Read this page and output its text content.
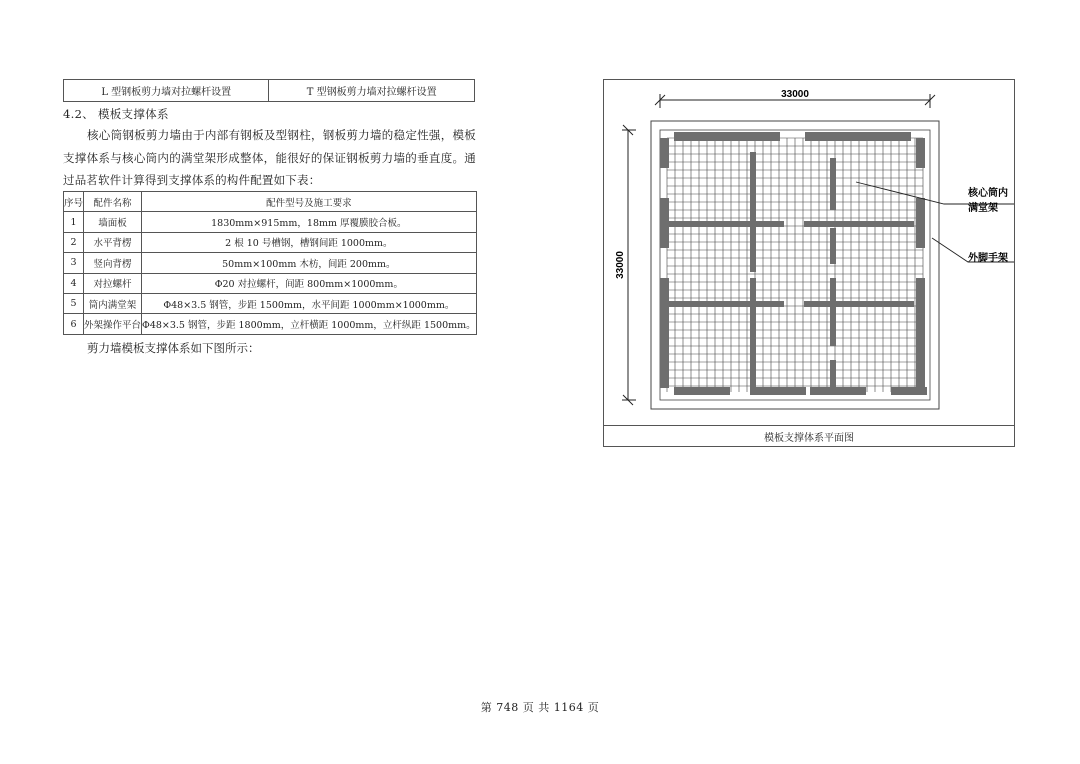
L 型钢板剪力墙对拉螺杆设置	T 型钢板剪力墙对拉螺杆设置
4.2、 模板支撑体系
核心筒钢板剪力墙由于内部有钢板及型钢柱，钢板剪力墙的稳定性强，模板支撑体系与核心筒内的满堂架形成整体，能很好的保证钢板剪力墙的垂直度。通过品茗软件计算得到支撑体系的构件配置如下表：
序号	配件名称	配件型号及施工要求
1	墙面板	1830mm×915mm，18mm 厚覆膜胶合板。
2	水平背楞	2 根 10 号槽钢，槽钢间距 1000mm。
3	竖向背楞	50mm×100mm 木枋，间距 200mm。
4	对拉螺杆	Φ20 对拉螺杆，间距 800mm×1000mm。
5	筒内满堂架	Φ48×3.5 钢管，步距 1500mm，水平间距 1000mm×1000mm。
6	外架操作平台	Φ48×3.5 钢管，步距 1800mm，立杆横距 1000mm，立杆纵距 1500mm。
剪力墙模板支撑体系如下图所示：
33000
33000
核心筒内
满堂架
外脚手架
模板支撑体系平面图
第 748 页 共 1164 页
